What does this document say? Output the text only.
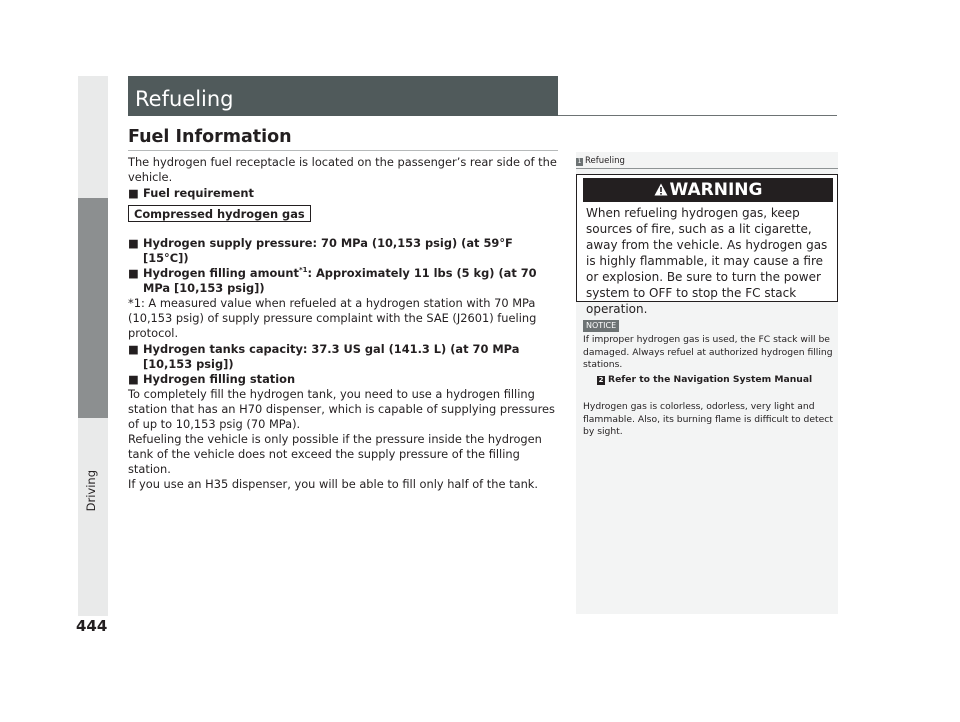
Driving
444
Refueling
Fuel Information
The hydrogen fuel receptacle is located on the passenger’s rear side of the vehicle.
■ Fuel requirement
Compressed hydrogen gas
■ Hydrogen supply pressure: 70 MPa (10,153 psig) (at 59°F [15°C])
■ Hydrogen filling amount$^{*1}$: Approximately 11 lbs (5 kg) (at 70 MPa [10,153 psig])
*1: A measured value when refueled at a hydrogen station with 70 MPa (10,153 psig) of supply pressure complaint with the SAE (J2601) fueling protocol.
■ Hydrogen tanks capacity: 37.3 US gal (141.3 L) (at 70 MPa [10,153 psig])
■ Hydrogen filling station

To completely fill the hydrogen tank, you need to use a hydrogen filling station that has an H70 dispenser, which is capable of supplying pressures of up to 10,153 psig (70 MPa).

Refueling the vehicle is only possible if the pressure inside the hydrogen tank of the vehicle does not exceed the supply pressure of the filling station.

If you use an H35 dispenser, you will be able to fill only half of the tank.

1 Refueling
WARNING
When refueling hydrogen gas, keep sources of fire, such as a lit cigarette, away from the vehicle. As hydrogen gas is highly flammable, it may cause a fire or explosion. Be sure to turn the power system to OFF to stop the FC stack operation.
NOTICE
If improper hydrogen gas is used, the FC stack will be damaged. Always refuel at authorized hydrogen filling stations.
2 Refer to the Navigation System Manual
Hydrogen gas is colorless, odorless, very light and flammable. Also, its burning flame is difficult to detect by sight.
